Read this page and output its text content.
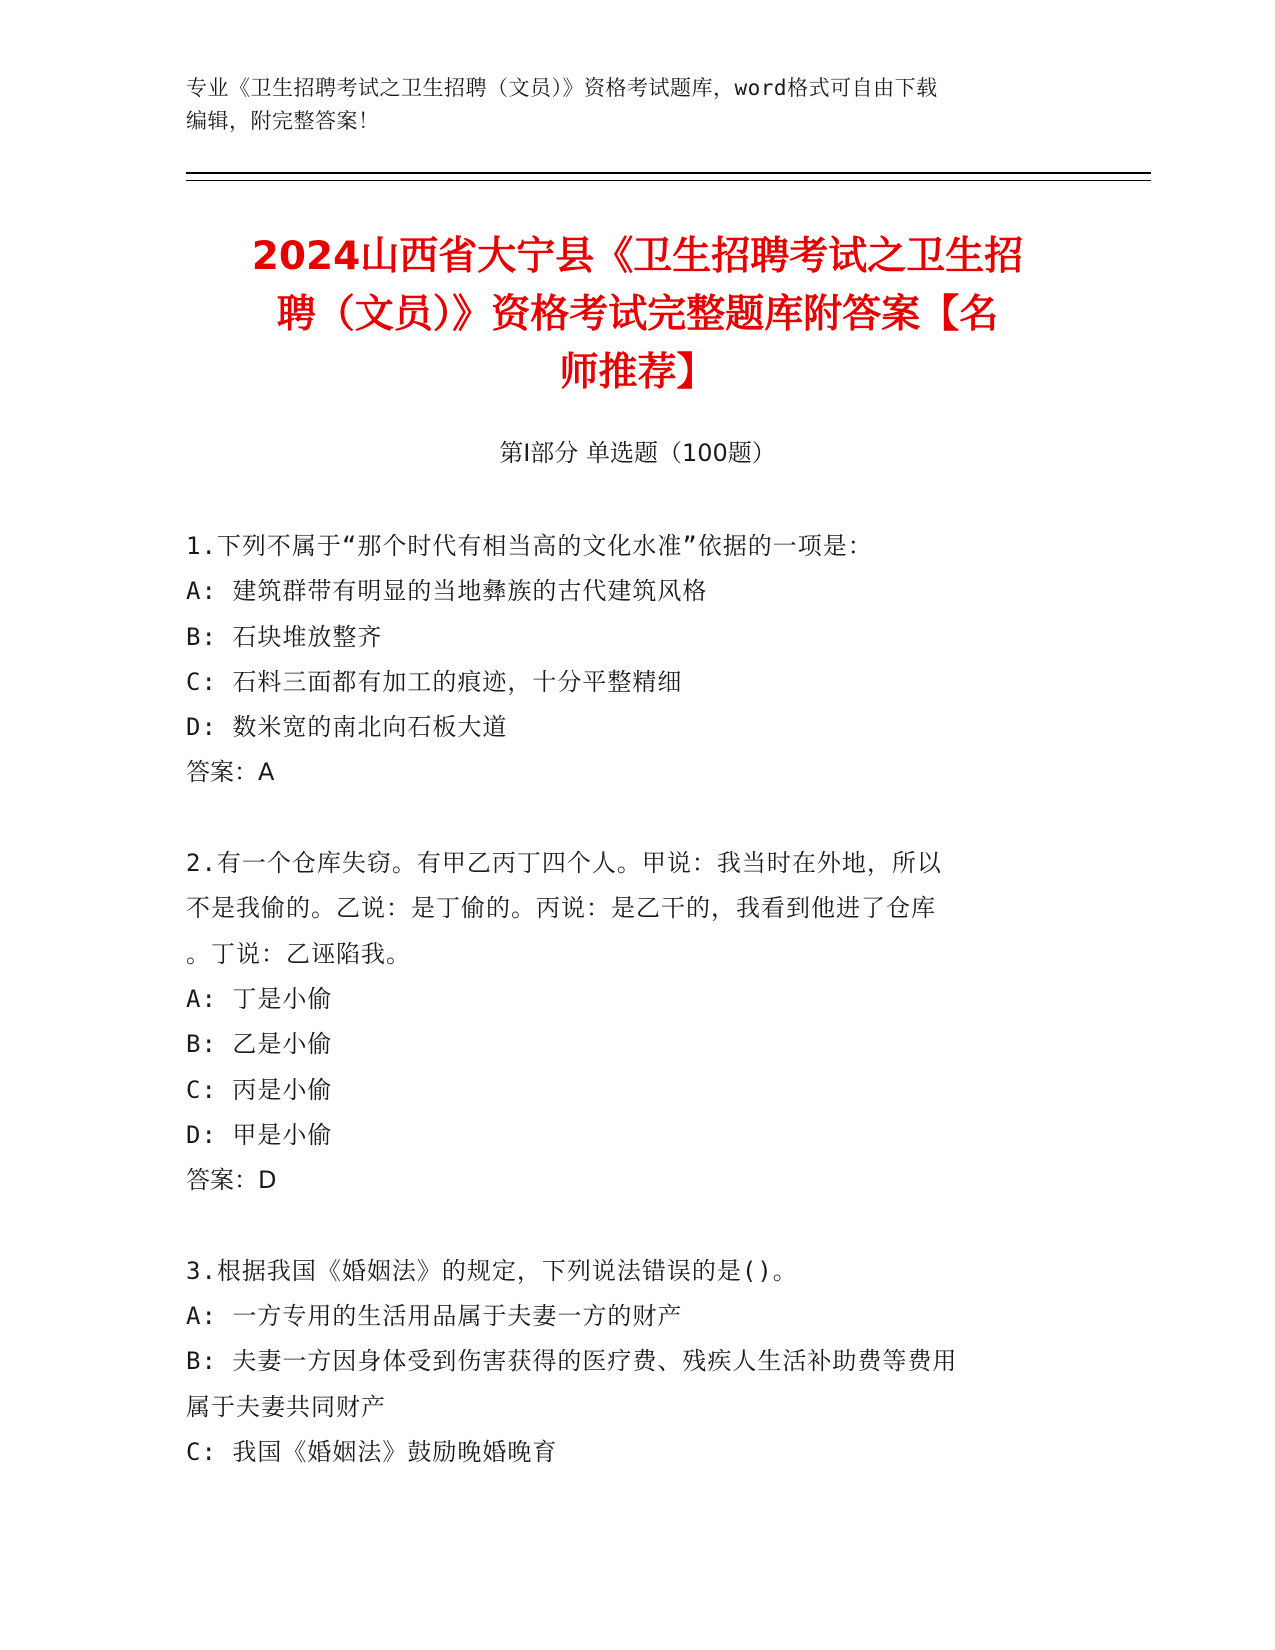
专业《卫生招聘考试之卫生招聘（文员）》资格考试题库，word格式可自由下载
编辑，附完整答案！
2024山西省大宁县《卫生招聘考试之卫生招
聘（文员）》资格考试完整题库附答案【名
师推荐】
第Ⅰ部分 单选题（100题）
1.下列不属于“那个时代有相当高的文化水准”依据的一项是：
A: 建筑群带有明显的当地彝族的古代建筑风格
B: 石块堆放整齐
C: 石料三面都有加工的痕迹，十分平整精细
D: 数米宽的南北向石板大道
答案：A
2.有一个仓库失窃。有甲乙丙丁四个人。甲说：我当时在外地，所以
不是我偷的。乙说：是丁偷的。丙说：是乙干的，我看到他进了仓库
。丁说：乙诬陷我。
A: 丁是小偷
B: 乙是小偷
C: 丙是小偷
D: 甲是小偷
答案：D
3.根据我国《婚姻法》的规定，下列说法错误的是()。
A: 一方专用的生活用品属于夫妻一方的财产
B: 夫妻一方因身体受到伤害获得的医疗费、残疾人生活补助费等费用
属于夫妻共同财产
C: 我国《婚姻法》鼓励晚婚晚育
